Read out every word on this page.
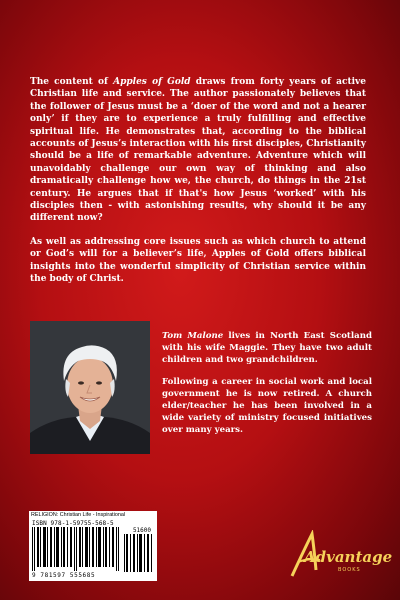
The content of Apples of Gold draws from forty years of active Christian life and service. The author passionately believes that the follower of Jesus must be a ‘doer of the word and not a hearer only’ if they are to experience a truly fulfilling and effective spiritual life. He demonstrates that, according to the biblical accounts of Jesus’s interaction with his first disciples, Christianity should be a life of remarkable adventure. Adventure which will unavoidably challenge our own way of thinking and also dramatically challenge how we, the church, do things in the 21st century. He argues that if that's how Jesus ‘worked’ with his disciples then - with astonishing results, why should it be any different now?

As well as addressing core issues such as which church to attend or God’s will for a believer’s life, Apples of Gold offers biblical insights into the wonderful simplicity of Christian service within the body of Christ.

Tom Malone lives in North East Scotland with his wife Maggie. They have two adult children and two grandchildren.

Following a career in social work and local government he is now retired. A church elder/teacher he has been involved in a wide variety of ministry focused initiatives over many years.

RELIGION: Christian Life - Inspirational
ISBN 978-1-59755-568-5
51600
9 781597 555685
Advantage
BOOKS
